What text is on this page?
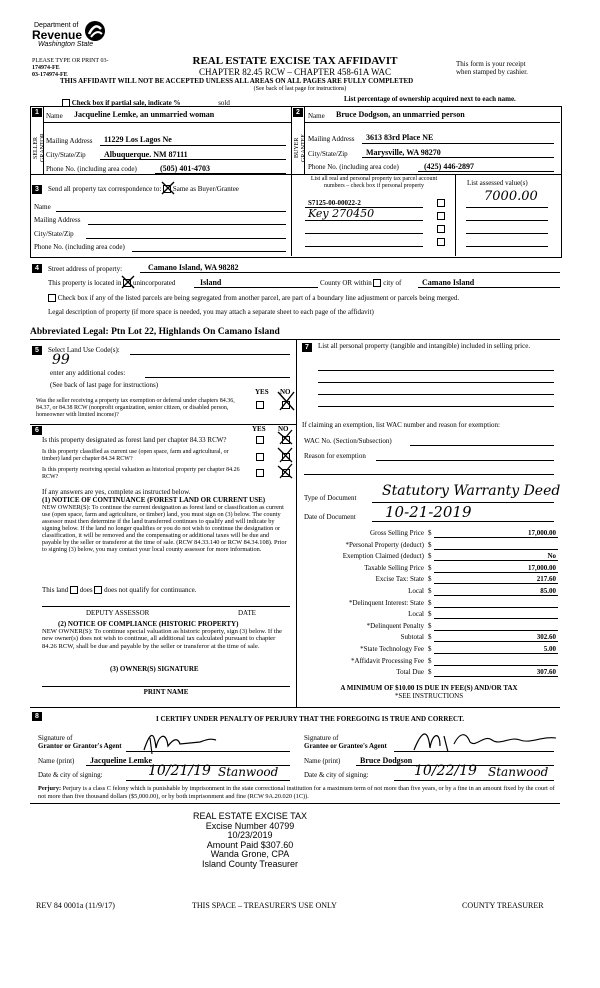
Department of
Revenue
Washington State
PLEASE TYPE OR PRINT 03-
174974-FE
03-174974-FE
REAL ESTATE EXCISE TAX AFFIDAVIT
CHAPTER 82.45 RCW – CHAPTER 458-61A WAC
This form is your receipt
when stamped by cashier.
THIS AFFIDAVIT WILL NOT BE ACCEPTED UNLESS ALL AREAS ON ALL PAGES ARE FULLY COMPLETED
(See back of last page for instructions)
Check box if partial sale, indicate %	sold	List percentage of ownership acquired next to each name.
1
SELLER
GRANTOR
Name Jacqueline Lemke, an unmarried woman
Mailing Address 11229 Los Lagos Ne
City/State/Zip Albuquerque. NM 87111
Phone No. (including area code)	(505) 401-4703
2
BUYER
GRANTEE
Name Bruce Dodgson, an unmarried person
Mailing Address 3613 83rd Place NE
City/State/Zip Marysville, WA 98270
Phone No. (including area code)	(425) 446-2897
3	Send all property tax correspondence to: Same as Buyer/Grantee
Name
Mailing Address
City/State/Zip
Phone No. (including area code)
List all real and personal property tax parcel account
numbers – check box if personal property	List assessed value(s)
S7125-00-00022-2	7000.00
Key 270450
4	Street address of property:	Camano Island, WA 98282
This property is located in unincorporated	Island	County OR within city of	Camano Island
Check box if any of the listed parcels are being segregated from another parcel, are part of a boundary line adjustment or parcels being merged.
Legal description of property (if more space is needed, you may attach a separate sheet to each page of the affidavit)
Abbreviated Legal: Ptn Lot 22, Highlands On Camano Island
5	Select Land Use Code(s):
99
enter any additional codes:
(See back of last page for instructions)
YES NO
Was the seller receiving a property tax exemption or deferral under chapters 84.36, 84.37, or 84.38 RCW (nonprofit organization, senior citizen, or disabled person, homeowner with limited income)?
6	YES NO
Is this property designated as forest land per chapter 84.33 RCW?
Is this property classified as current use (open space, farm and agricultural, or timber) land per chapter 84.34 RCW?
Is this property receiving special valuation as historical property per chapter 84.26 RCW?
If any answers are yes, complete as instructed below.
(1) NOTICE OF CONTINUANCE (FOREST LAND OR CURRENT USE)
NEW OWNER(S): To continue the current designation as forest land or classification as current use (open space, farm and agriculture, or timber) land, you must sign on (3) below. The county assessor must then determine if the land transferred continues to qualify and will indicate by signing below. If the land no longer qualifies or you do not wish to continue the designation or classification, it will be removed and the compensating or additional taxes will be due and payable by the seller or transferor at the time of sale. (RCW 84.33.140 or RCW 84.34.108). Prior to signing (3) below, you may contact your local county assessor for more information.
This land does does not qualify for continuance.
DEPUTY ASSESSOR	DATE
(2) NOTICE OF COMPLIANCE (HISTORIC PROPERTY)
NEW OWNER(S): To continue special valuation as historic property, sign (3) below. If the new owner(s) does not wish to continue, all additional tax calculated pursuant to chapter 84.26 RCW, shall be due and payable by the seller or transferor at the time of sale.
(3) OWNER(S) SIGNATURE
PRINT NAME
7	List all personal property (tangible and intangible) included in selling price.
If claiming an exemption, list WAC number and reason for exemption:
WAC No. (Section/Subsection)
Reason for exemption
Type of Document Statutory Warranty Deed
Date of Document 10-21-2019
Gross Selling Price $	17,000.00
*Personal Property (deduct) $
Exemption Claimed (deduct) $	No
Taxable Selling Price $	17,000.00
Excise Tax: State $	217.60
Local $	85.00
*Delinquent Interest: State $
Local $
*Delinquent Penalty $
Subtotal $	302.60
*State Technology Fee $	5.00
*Affidavit Processing Fee $
Total Due $	307.60
A MINIMUM OF $10.00 IS DUE IN FEE(S) AND/OR TAX
*SEE INSTRUCTIONS
8	I CERTIFY UNDER PENALTY OF PERJURY THAT THE FOREGOING IS TRUE AND CORRECT.
Signature of
Grantor or Grantor's Agent
Name (print) Jacqueline Lemke
Date & city of signing:	10/21/19 Stanwood
Signature of
Grantee or Grantee's Agent
Name (print) Bruce Dodgson
Date & city of signing:	10/22/19 Stanwood
Perjury: Perjury is a class C felony which is punishable by imprisonment in the state correctional institution for a maximum term of not more than five years, or by a fine in an amount fixed by the court of not more than five thousand dollars ($5,000.00), or by both imprisonment and fine (RCW 9A.20.020 (1C)).
REAL ESTATE EXCISE TAX
Excise Number 40799
10/23/2019
Amount Paid $307.60
Wanda Grone, CPA
Island County Treasurer
REV 84 0001a (11/9/17)	THIS SPACE – TREASURER'S USE ONLY	COUNTY TREASURER
